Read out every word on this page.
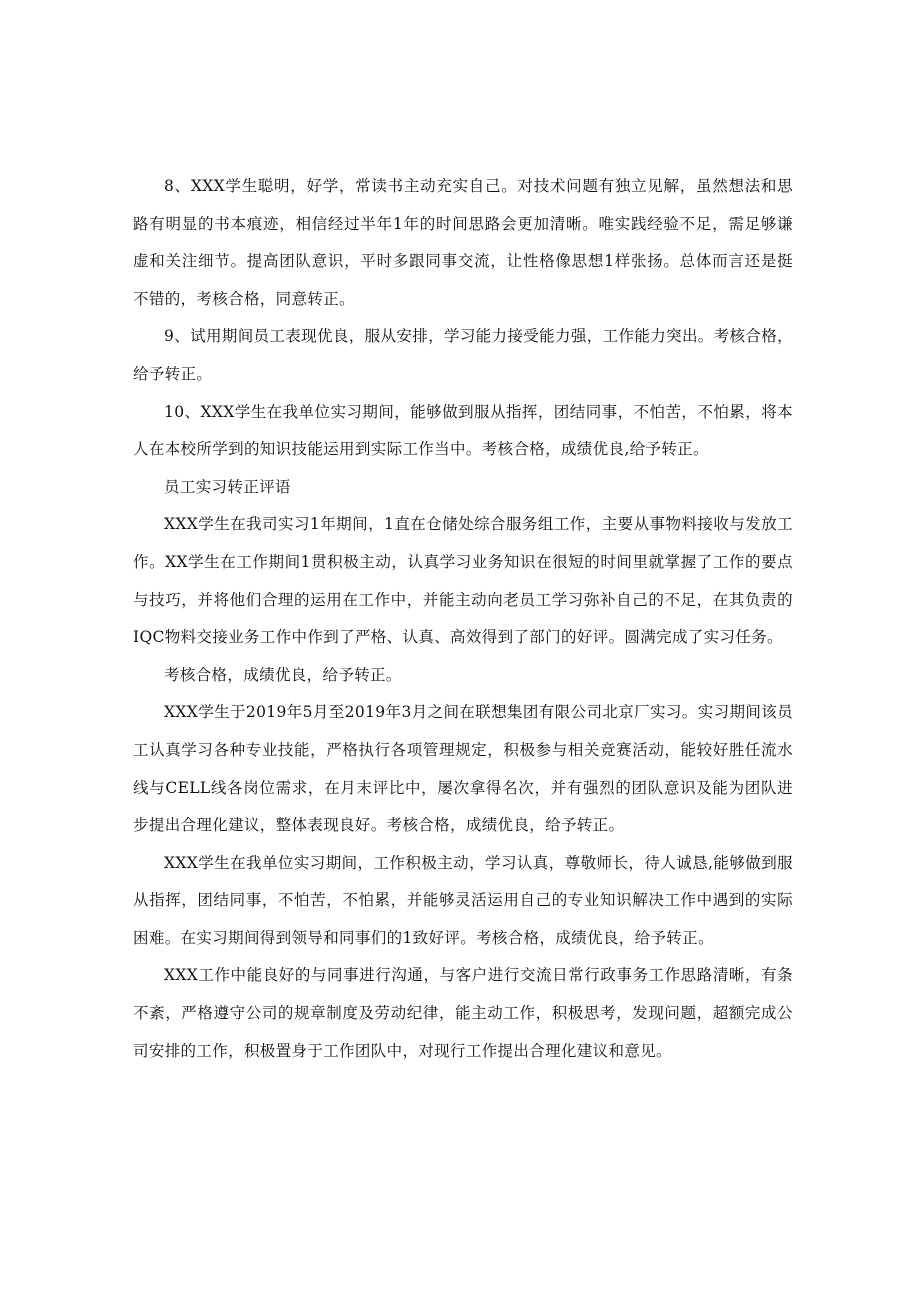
8、XXX学生聪明，好学，常读书主动充实自己。对技术问题有独立见解，虽然想法和思路有明显的书本痕迹，相信经过半年1年的时间思路会更加清晰。唯实践经验不足，需足够谦虚和关注细节。提高团队意识，平时多跟同事交流，让性格像思想1样张扬。总体而言还是挺不错的，考核合格，同意转正。

9、试用期间员工表现优良，服从安排，学习能力接受能力强，工作能力突出。考核合格，给予转正。

10、XXX学生在我单位实习期间，能够做到服从指挥，团结同事，不怕苦，不怕累，将本人在本校所学到的知识技能运用到实际工作当中。考核合格，成绩优良,给予转正。

员工实习转正评语

XXX学生在我司实习1年期间，1直在仓储处综合服务组工作，主要从事物料接收与发放工作。XX学生在工作期间1贯积极主动，认真学习业务知识在很短的时间里就掌握了工作的要点与技巧，并将他们合理的运用在工作中，并能主动向老员工学习弥补自己的不足，在其负责的IQC物料交接业务工作中作到了严格、认真、高效得到了部门的好评。圆满完成了实习任务。

考核合格，成绩优良，给予转正。

XXX学生于2019年5月至2019年3月之间在联想集团有限公司北京厂实习。实习期间该员工认真学习各种专业技能，严格执行各项管理规定，积极参与相关竞赛活动，能较好胜任流水线与CELL线各岗位需求，在月末评比中，屡次拿得名次，并有强烈的团队意识及能为团队进步提出合理化建议，整体表现良好。考核合格，成绩优良，给予转正。

XXX学生在我单位实习期间，工作积极主动，学习认真，尊敬师长，待人诚恳,能够做到服从指挥，团结同事，不怕苦，不怕累，并能够灵活运用自己的专业知识解决工作中遇到的实际困难。在实习期间得到领导和同事们的1致好评。考核合格，成绩优良，给予转正。

XXX工作中能良好的与同事进行沟通，与客户进行交流日常行政事务工作思路清晰，有条不紊，严格遵守公司的规章制度及劳动纪律，能主动工作，积极思考，发现问题，超额完成公司安排的工作，积极置身于工作团队中，对现行工作提出合理化建议和意见。
